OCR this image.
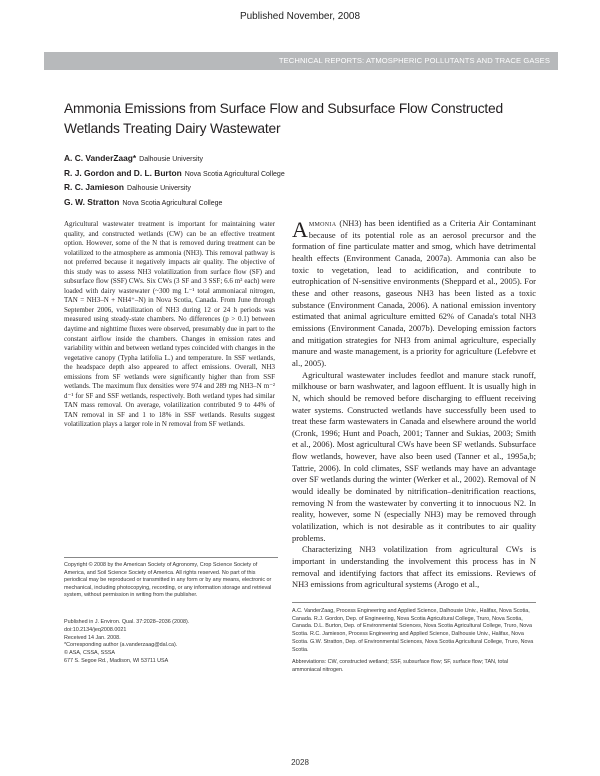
Published November, 2008
TECHNICAL REPORTS: ATMOSPHERIC POLLUTANTS AND TRACE GASES
Ammonia Emissions from Surface Flow and Subsurface Flow Constructed Wetlands Treating Dairy Wastewater
A. C. VanderZaag* Dalhousie University
R. J. Gordon and D. L. Burton Nova Scotia Agricultural College
R. C. Jamieson Dalhousie University
G. W. Stratton Nova Scotia Agricultural College
Agricultural wastewater treatment is important for maintaining water quality, and constructed wetlands (CW) can be an effective treatment option. However, some of the N that is removed during treatment can be volatilized to the atmosphere as ammonia (NH3). This removal pathway is not preferred because it negatively impacts air quality. The objective of this study was to assess NH3 volatilization from surface flow (SF) and subsurface flow (SSF) CWs. Six CWs (3 SF and 3 SSF; 6.6 m² each) were loaded with dairy wastewater (~300 mg L⁻¹ total ammoniacal nitrogen, TAN = NH3–N + NH4⁺–N) in Nova Scotia, Canada. From June through September 2006, volatilization of NH3 during 12 or 24 h periods was measured using steady-state chambers. No differences (p > 0.1) between daytime and nighttime fluxes were observed, presumably due in part to the constant airflow inside the chambers. Changes in emission rates and variability within and between wetland types coincided with changes in the vegetative canopy (Typha latifolia L.) and temperature. In SSF wetlands, the headspace depth also appeared to affect emissions. Overall, NH3 emissions from SF wetlands were significantly higher than from SSF wetlands. The maximum flux densities were 974 and 289 mg NH3–N m⁻² d⁻¹ for SF and SSF wetlands, respectively. Both wetland types had similar TAN mass removal. On average, volatilization contributed 9 to 44% of TAN removal in SF and 1 to 18% in SSF wetlands. Results suggest volatilization plays a larger role in N removal from SF wetlands.

Copyright © 2008 by the American Society of Agronomy, Crop Science Society of America, and Soil Science Society of America. All rights reserved. No part of this periodical may be reproduced or transmitted in any form or by any means, electronic or mechanical, including photocopying, recording, or any information storage and retrieval system, without permission in writing from the publisher.

Published in J. Environ. Qual. 37:2028–2036 (2008).
doi:10.2134/jeq2008.0021
Received 14 Jan. 2008.
*Corresponding author (a.vanderzaag@dal.ca).
© ASA, CSSA, SSSA
677 S. Segoe Rd., Madison, WI 53711 USA

Ammonia (NH3) has been identified as a Criteria Air Contaminant because of its potential role as an aerosol precursor and the formation of fine particulate matter and smog, which have detrimental health effects (Environment Canada, 2007a). Ammonia can also be toxic to vegetation, lead to acidification, and contribute to eutrophication of N-sensitive environments (Sheppard et al., 2005). For these and other reasons, gaseous NH3 has been listed as a toxic substance (Environment Canada, 2006). A national emission inventory estimated that animal agriculture emitted 62% of Canada's total NH3 emissions (Environment Canada, 2007b). Developing emission factors and mitigation strategies for NH3 from animal agriculture, especially manure and waste management, is a priority for agriculture (Lefebvre et al., 2005).

Agricultural wastewater includes feedlot and manure stack runoff, milkhouse or barn washwater, and lagoon effluent. It is usually high in N, which should be removed before discharging to effluent receiving water systems. Constructed wetlands have successfully been used to treat these farm wastewaters in Canada and elsewhere around the world (Cronk, 1996; Hunt and Poach, 2001; Tanner and Sukias, 2003; Smith et al., 2006). Most agricultural CWs have been SF wetlands. Subsurface flow wetlands, however, have also been used (Tanner et al., 1995a,b; Tattrie, 2006). In cold climates, SSF wetlands may have an advantage over SF wetlands during the winter (Werker et al., 2002). Removal of N would ideally be dominated by nitrification–denitrification reactions, removing N from the wastewater by converting it to innocuous N2. In reality, however, some N (especially NH3) may be removed through volatilization, which is not desirable as it contributes to air quality problems.

Characterizing NH3 volatilization from agricultural CWs is important in understanding the involvement this process has in N removal and identifying factors that affect its emissions. Reviews of NH3 emissions from agricultural systems (Arogo et al.,

A.C. VanderZaag, Process Engineering and Applied Science, Dalhousie Univ., Halifax, Nova Scotia, Canada. R.J. Gordon, Dep. of Engineering, Nova Scotia Agricultural College, Truro, Nova Scotia, Canada. D.L. Burton, Dep. of Environmental Sciences, Nova Scotia Agricultural College, Truro, Nova Scotia. R.C. Jamieson, Process Engineering and Applied Science, Dalhousie Univ., Halifax, Nova Scotia. G.W. Stratton, Dep. of Environmental Sciences, Nova Scotia Agricultural College, Truro, Nova Scotia.

Abbreviations: CW, constructed wetland; SSF, subsurface flow; SF, surface flow; TAN, total ammoniacal nitrogen.

2028
